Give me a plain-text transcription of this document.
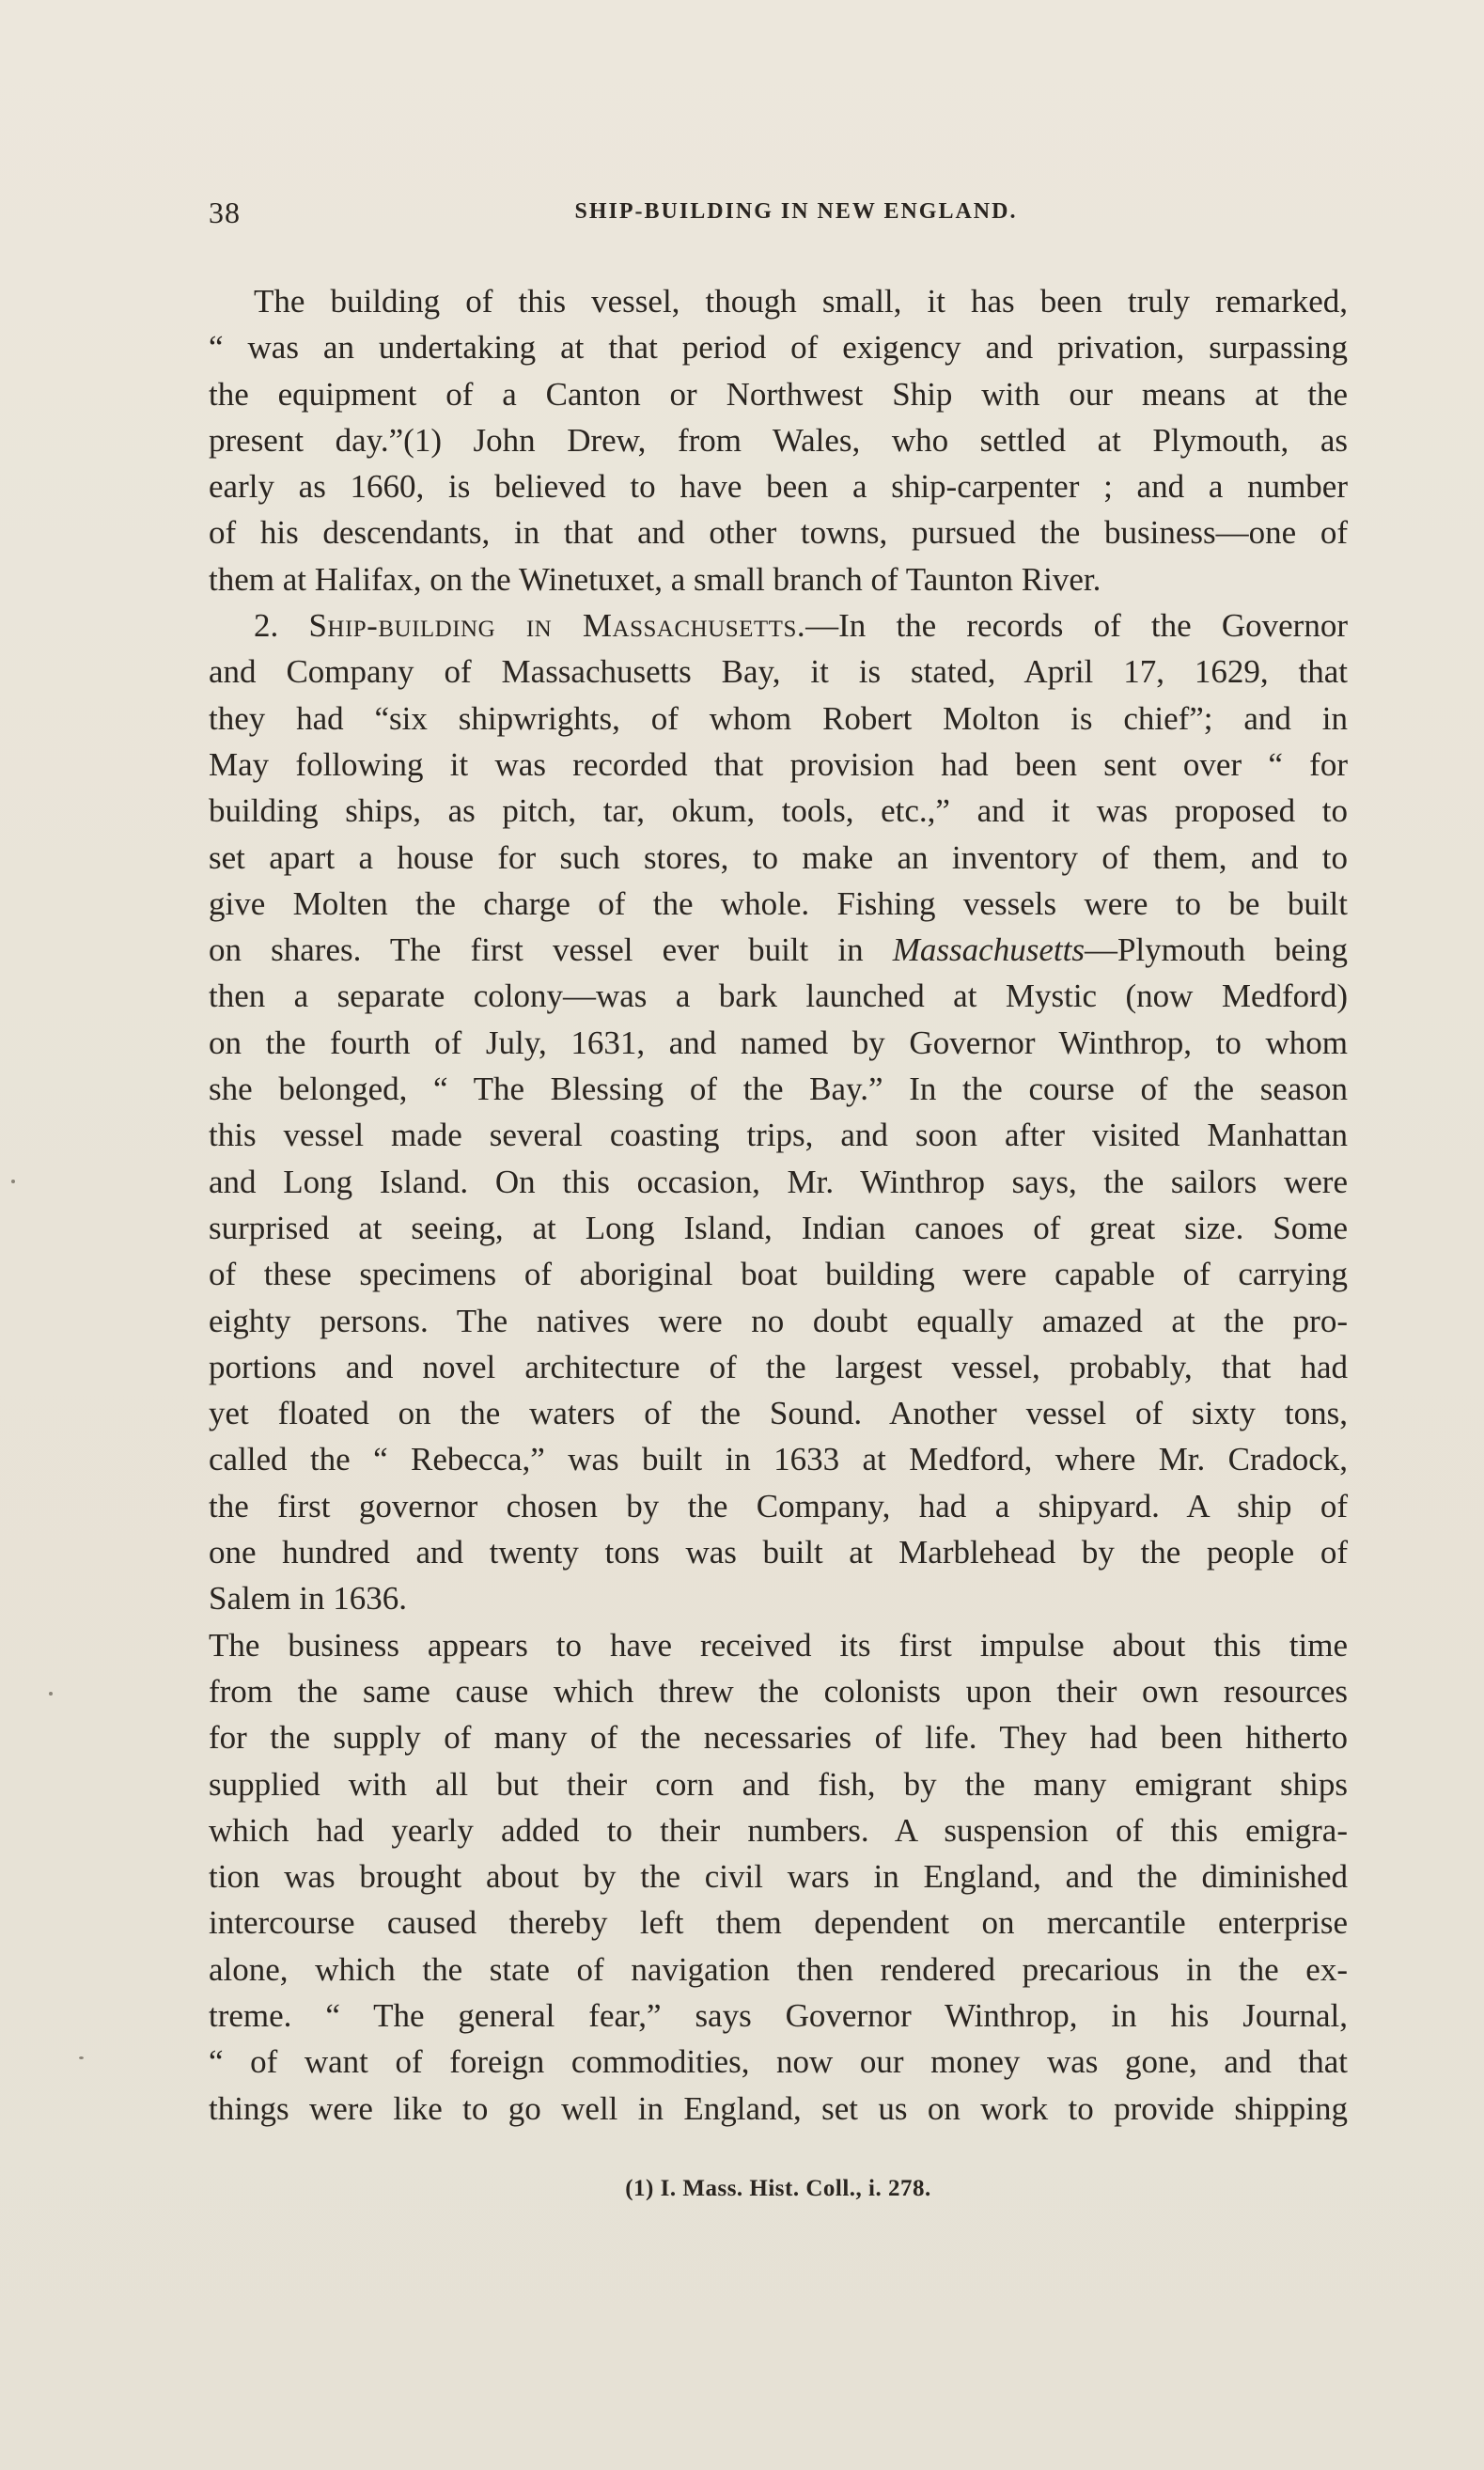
38	SHIP-BUILDING IN NEW ENGLAND.
The building of this vessel, though small, it has been truly remarked,
“ was an undertaking at that period of exigency and privation, surpassing
the equipment of a Canton or Northwest Ship with our means at the
present day.”(1) John Drew, from Wales, who settled at Plymouth, as
early as 1660, is believed to have been a ship-carpenter ; and a number
of his descendants, in that and other towns, pursued the business—one of
them at Halifax, on the Winetuxet, a small branch of Taunton River.
2. Ship-building in Massachusetts.—In the records of the Governor
and Company of Massachusetts Bay, it is stated, April 17, 1629, that
they had “six shipwrights, of whom Robert Molton is chief”; and in
May following it was recorded that provision had been sent over “ for
building ships, as pitch, tar, okum, tools, etc.,” and it was proposed to
set apart a house for such stores, to make an inventory of them, and to
give Molten the charge of the whole. Fishing vessels were to be built
on shares. The first vessel ever built in Massachusetts—Plymouth being
then a separate colony—was a bark launched at Mystic (now Medford)
on the fourth of July, 1631, and named by Governor Winthrop, to whom
she belonged, “ The Blessing of the Bay.” In the course of the season
this vessel made several coasting trips, and soon after visited Manhattan
and Long Island. On this occasion, Mr. Winthrop says, the sailors were
surprised at seeing, at Long Island, Indian canoes of great size. Some
of these specimens of aboriginal boat building were capable of carrying
eighty persons. The natives were no doubt equally amazed at the pro-
portions and novel architecture of the largest vessel, probably, that had
yet floated on the waters of the Sound. Another vessel of sixty tons,
called the “ Rebecca,” was built in 1633 at Medford, where Mr. Cradock,
the first governor chosen by the Company, had a shipyard. A ship of
one hundred and twenty tons was built at Marblehead by the people of
Salem in 1636.
The business appears to have received its first impulse about this time
from the same cause which threw the colonists upon their own resources
for the supply of many of the necessaries of life. They had been hitherto
supplied with all but their corn and fish, by the many emigrant ships
which had yearly added to their numbers. A suspension of this emigra-
tion was brought about by the civil wars in England, and the diminished
intercourse caused thereby left them dependent on mercantile enterprise
alone, which the state of navigation then rendered precarious in the ex-
treme. “ The general fear,” says Governor Winthrop, in his Journal,
“ of want of foreign commodities, now our money was gone, and that
things were like to go well in England, set us on work to provide shipping
(1) I. Mass. Hist. Coll., i. 278.
